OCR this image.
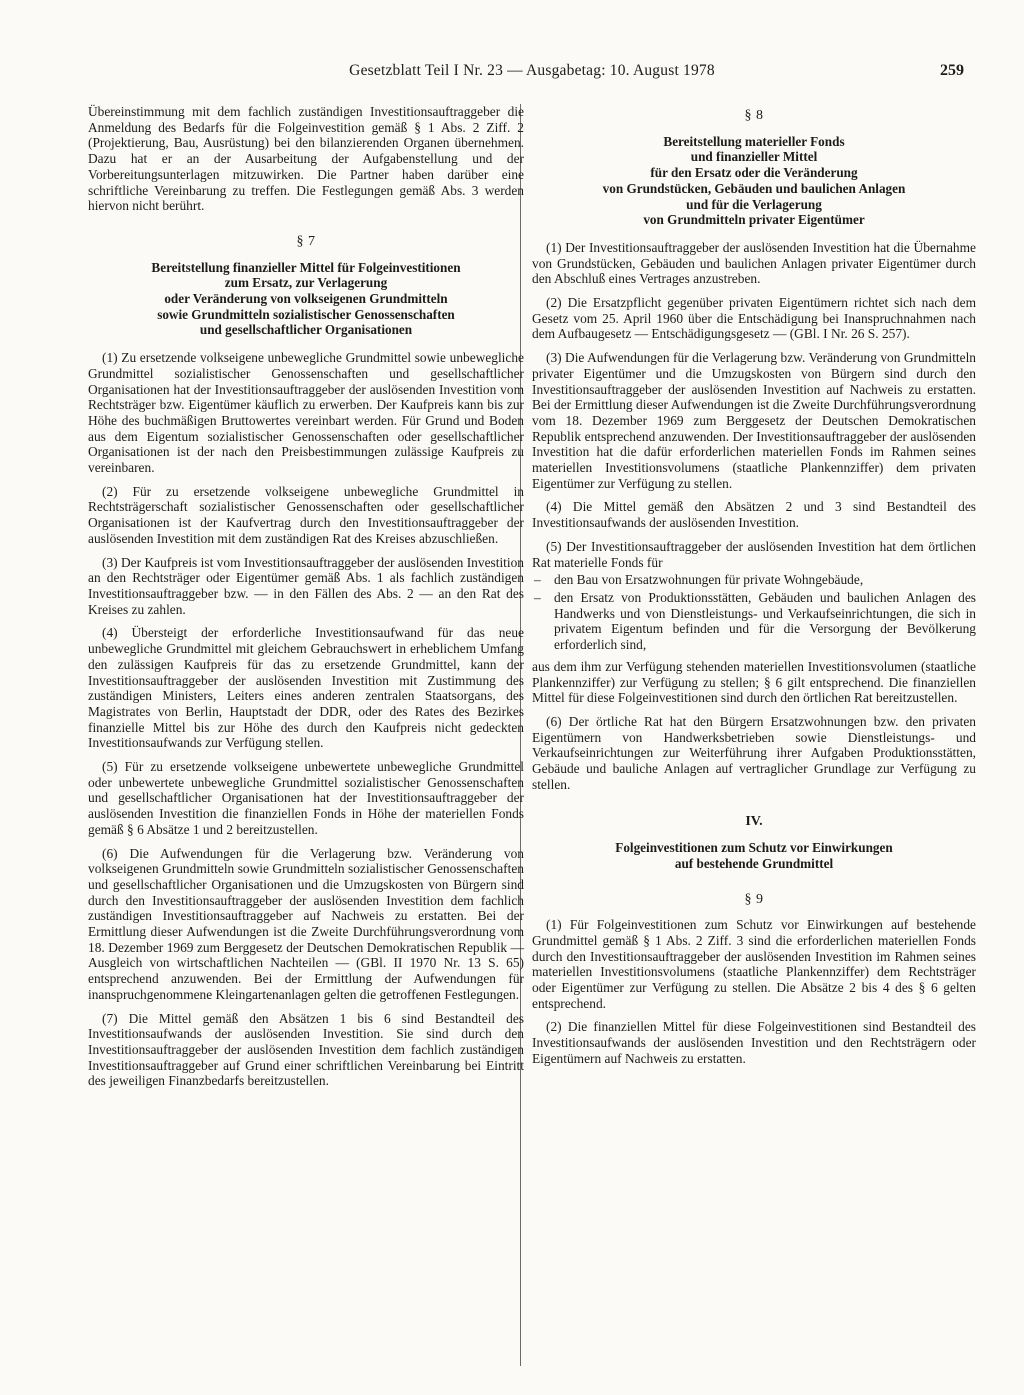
Gesetzblatt Teil I Nr. 23 — Ausgabetag: 10. August 1978	259

Übereinstimmung mit dem fachlich zuständigen Investitionsauftraggeber die Anmeldung des Bedarfs für die Folgeinvestition gemäß § 1 Abs. 2 Ziff. 2 (Projektierung, Bau, Ausrüstung) bei den bilanzierenden Organen übernehmen. Dazu hat er an der Ausarbeitung der Aufgabenstellung und der Vorbereitungsunterlagen mitzuwirken. Die Partner haben darüber eine schriftliche Vereinbarung zu treffen. Die Festlegungen gemäß Abs. 3 werden hiervon nicht berührt.

§ 7
Bereitstellung finanzieller Mittel für Folgeinvestitionen
zum Ersatz, zur Verlagerung
oder Veränderung von volkseigenen Grundmitteln
sowie Grundmitteln sozialistischer Genossenschaften
und gesellschaftlicher Organisationen

(1) Zu ersetzende volkseigene unbewegliche Grundmittel sowie unbewegliche Grundmittel sozialistischer Genossenschaften und gesellschaftlicher Organisationen hat der Investitionsauftraggeber der auslösenden Investition vom Rechtsträger bzw. Eigentümer käuflich zu erwerben. Der Kaufpreis kann bis zur Höhe des buchmäßigen Bruttowertes vereinbart werden. Für Grund und Boden aus dem Eigentum sozialistischer Genossenschaften oder gesellschaftlicher Organisationen ist der nach den Preisbestimmungen zulässige Kaufpreis zu vereinbaren.

(2) Für zu ersetzende volkseigene unbewegliche Grundmittel in Rechtsträgerschaft sozialistischer Genossenschaften oder gesellschaftlicher Organisationen ist der Kaufvertrag durch den Investitionsauftraggeber der auslösenden Investition mit dem zuständigen Rat des Kreises abzuschließen.

(3) Der Kaufpreis ist vom Investitionsauftraggeber der auslösenden Investition an den Rechtsträger oder Eigentümer gemäß Abs. 1 als fachlich zuständigen Investitionsauftraggeber bzw. — in den Fällen des Abs. 2 — an den Rat des Kreises zu zahlen.

(4) Übersteigt der erforderliche Investitionsaufwand für das neue unbewegliche Grundmittel mit gleichem Gebrauchswert in erheblichem Umfang den zulässigen Kaufpreis für das zu ersetzende Grundmittel, kann der Investitionsauftraggeber der auslösenden Investition mit Zustimmung des zuständigen Ministers, Leiters eines anderen zentralen Staatsorgans, des Magistrates von Berlin, Hauptstadt der DDR, oder des Rates des Bezirkes finanzielle Mittel bis zur Höhe des durch den Kaufpreis nicht gedeckten Investitionsaufwands zur Verfügung stellen.

(5) Für zu ersetzende volkseigene unbewertete unbewegliche Grundmittel oder unbewertete unbewegliche Grundmittel sozialistischer Genossenschaften und gesellschaftlicher Organisationen hat der Investitionsauftraggeber der auslösenden Investition die finanziellen Fonds in Höhe der materiellen Fonds gemäß § 6 Absätze 1 und 2 bereitzustellen.

(6) Die Aufwendungen für die Verlagerung bzw. Veränderung von volkseigenen Grundmitteln sowie Grundmitteln sozialistischer Genossenschaften und gesellschaftlicher Organisationen und die Umzugskosten von Bürgern sind durch den Investitionsauftraggeber der auslösenden Investition dem fachlich zuständigen Investitionsauftraggeber auf Nachweis zu erstatten. Bei der Ermittlung dieser Aufwendungen ist die Zweite Durchführungsverordnung vom 18. Dezember 1969 zum Berggesetz der Deutschen Demokratischen Republik — Ausgleich von wirtschaftlichen Nachteilen — (GBl. II 1970 Nr. 13 S. 65) entsprechend anzuwenden. Bei der Ermittlung der Aufwendungen für inanspruchgenommene Kleingartenanlagen gelten die getroffenen Festlegungen.

(7) Die Mittel gemäß den Absätzen 1 bis 6 sind Bestandteil des Investitionsaufwands der auslösenden Investition. Sie sind durch den Investitionsauftraggeber der auslösenden Investition dem fachlich zuständigen Investitionsauftraggeber auf Grund einer schriftlichen Vereinbarung bei Eintritt des jeweiligen Finanzbedarfs bereitzustellen.

§ 8
Bereitstellung materieller Fonds
und finanzieller Mittel
für den Ersatz oder die Veränderung
von Grundstücken, Gebäuden und baulichen Anlagen
und für die Verlagerung
von Grundmitteln privater Eigentümer

(1) Der Investitionsauftraggeber der auslösenden Investition hat die Übernahme von Grundstücken, Gebäuden und baulichen Anlagen privater Eigentümer durch den Abschluß eines Vertrages anzustreben.

(2) Die Ersatzpflicht gegenüber privaten Eigentümern richtet sich nach dem Gesetz vom 25. April 1960 über die Entschädigung bei Inanspruchnahmen nach dem Aufbaugesetz — Entschädigungsgesetz — (GBl. I Nr. 26 S. 257).

(3) Die Aufwendungen für die Verlagerung bzw. Veränderung von Grundmitteln privater Eigentümer und die Umzugskosten von Bürgern sind durch den Investitionsauftraggeber der auslösenden Investition auf Nachweis zu erstatten. Bei der Ermittlung dieser Aufwendungen ist die Zweite Durchführungsverordnung vom 18. Dezember 1969 zum Berggesetz der Deutschen Demokratischen Republik entsprechend anzuwenden. Der Investitionsauftraggeber der auslösenden Investition hat die dafür erforderlichen materiellen Fonds im Rahmen seines materiellen Investitionsvolumens (staatliche Plankennziffer) dem privaten Eigentümer zur Verfügung zu stellen.

(4) Die Mittel gemäß den Absätzen 2 und 3 sind Bestandteil des Investitionsaufwands der auslösenden Investition.

(5) Der Investitionsauftraggeber der auslösenden Investition hat dem örtlichen Rat materielle Fonds für

– den Bau von Ersatzwohnungen für private Wohngebäude,
– den Ersatz von Produktionsstätten, Gebäuden und baulichen Anlagen des Handwerks und von Dienstleistungs- und Verkaufseinrichtungen, die sich in privatem Eigentum befinden und für die Versorgung der Bevölkerung erforderlich sind,

aus dem ihm zur Verfügung stehenden materiellen Investitionsvolumen (staatliche Plankennziffer) zur Verfügung zu stellen; § 6 gilt entsprechend. Die finanziellen Mittel für diese Folgeinvestitionen sind durch den örtlichen Rat bereitzustellen.

(6) Der örtliche Rat hat den Bürgern Ersatzwohnungen bzw. den privaten Eigentümern von Handwerksbetrieben sowie Dienstleistungs- und Verkaufseinrichtungen zur Weiterführung ihrer Aufgaben Produktionsstätten, Gebäude und bauliche Anlagen auf vertraglicher Grundlage zur Verfügung zu stellen.

IV.
Folgeinvestitionen zum Schutz vor Einwirkungen
auf bestehende Grundmittel
§ 9

(1) Für Folgeinvestitionen zum Schutz vor Einwirkungen auf bestehende Grundmittel gemäß § 1 Abs. 2 Ziff. 3 sind die erforderlichen materiellen Fonds durch den Investitionsauftraggeber der auslösenden Investition im Rahmen seines materiellen Investitionsvolumens (staatliche Plankennziffer) dem Rechtsträger oder Eigentümer zur Verfügung zu stellen. Die Absätze 2 bis 4 des § 6 gelten entsprechend.

(2) Die finanziellen Mittel für diese Folgeinvestitionen sind Bestandteil des Investitionsaufwands der auslösenden Investition und den Rechtsträgern oder Eigentümern auf Nachweis zu erstatten.
